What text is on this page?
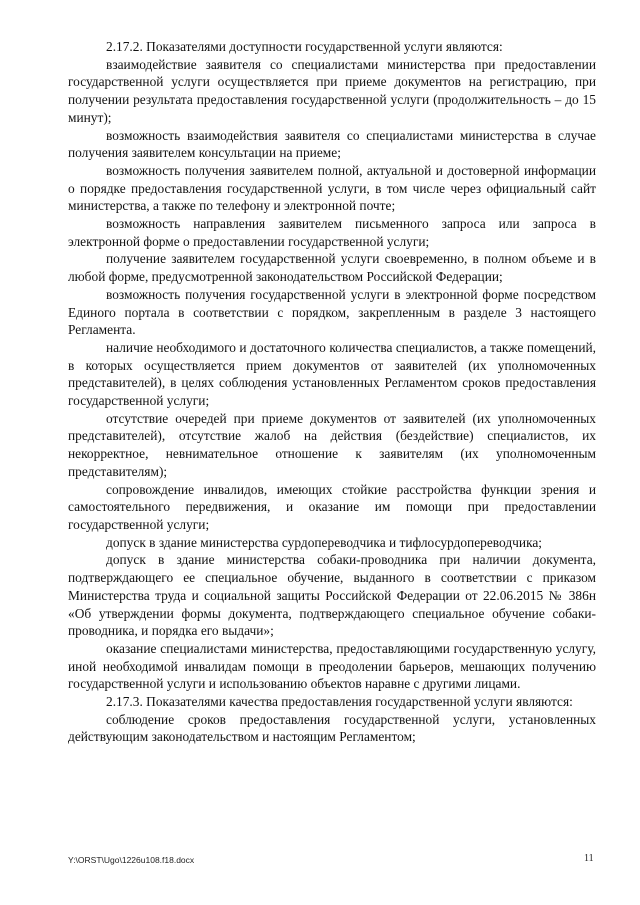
2.17.2. Показателями доступности государственной услуги являются:

взаимодействие заявителя со специалистами министерства при предоставлении государственной услуги осуществляется при приеме документов на регистрацию, при получении результата предоставления государственной услуги (продолжительность – до 15 минут);

возможность взаимодействия заявителя со специалистами министерства в случае получения заявителем консультации на приеме;

возможность получения заявителем полной, актуальной и достоверной информации о порядке предоставления государственной услуги, в том числе через официальный сайт министерства, а также по телефону и электронной почте;

возможность направления заявителем письменного запроса или запроса в электронной форме о предоставлении государственной услуги;

получение заявителем государственной услуги своевременно, в полном объеме и в любой форме, предусмотренной законодательством Российской Федерации;

возможность получения государственной услуги в электронной форме посредством Единого портала в соответствии с порядком, закрепленным в разделе 3 настоящего Регламента.

наличие необходимого и достаточного количества специалистов, а также помещений, в которых осуществляется прием документов от заявителей (их уполномоченных представителей), в целях соблюдения установленных Регламентом сроков предоставления государственной услуги;

отсутствие очередей при приеме документов от заявителей (их уполномоченных представителей), отсутствие жалоб на действия (бездействие) специалистов, их некорректное, невнимательное отношение к заявителям (их уполномоченным представителям);

сопровождение инвалидов, имеющих стойкие расстройства функции зрения и самостоятельного передвижения, и оказание им помощи при предоставлении государственной услуги;

допуск в здание министерства сурдопереводчика и тифлосурдопереводчика;

допуск в здание министерства собаки-проводника при наличии документа, подтверждающего ее специальное обучение, выданного в соответствии с приказом Министерства труда и социальной защиты Российской Федерации от 22.06.2015 № 386н «Об утверждении формы документа, подтверждающего специальное обучение собаки-проводника, и порядка его выдачи»;

оказание специалистами министерства, предоставляющими государственную услугу, иной необходимой инвалидам помощи в преодолении барьеров, мешающих получению государственной услуги и использованию объектов наравне с другими лицами.

2.17.3. Показателями качества предоставления государственной услуги являются:

соблюдение сроков предоставления государственной услуги, установленных действующим законодательством и настоящим Регламентом;

Y:\ORST\Ugo\1226u108.f18.docx	11
